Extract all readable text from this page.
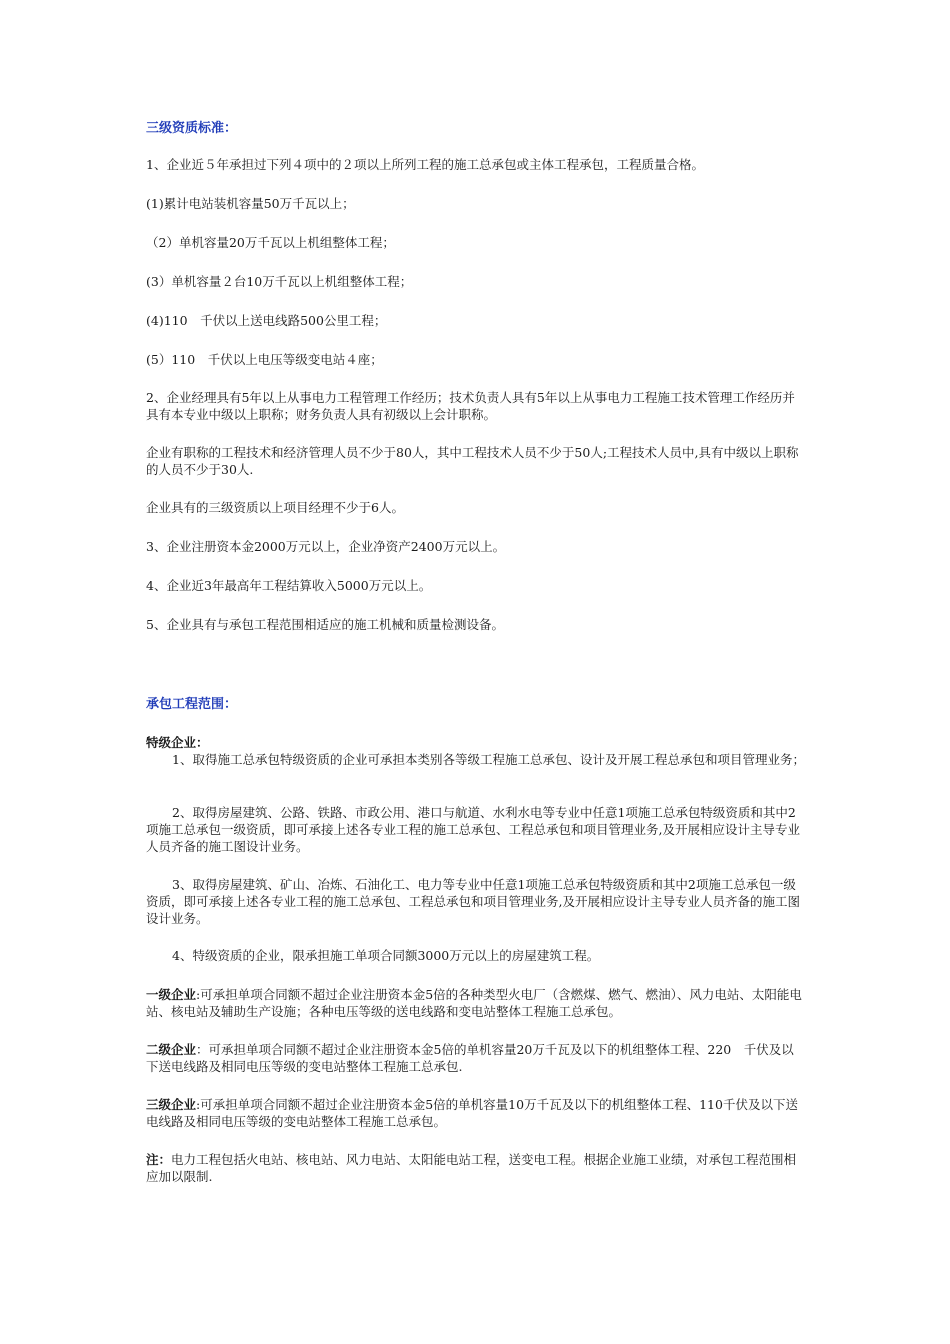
三级资质标准：

1、企业近５年承担过下列４项中的２项以上所列工程的施工总承包或主体工程承包，工程质量合格。

(1)累计电站装机容量50万千瓦以上；

（2）单机容量20万千瓦以上机组整体工程；

(3）单机容量２台10万千瓦以上机组整体工程；

(4)110　千伏以上送电线路500公里工程；

(5）110　千伏以上电压等级变电站４座；

2、企业经理具有5年以上从事电力工程管理工作经历；技术负责人具有5年以上从事电力工程施工技术管理工作经历并具有本专业中级以上职称；财务负责人具有初级以上会计职称。

企业有职称的工程技术和经济管理人员不少于80人，其中工程技术人员不少于50人;工程技术人员中,具有中级以上职称的人员不少于30人.

企业具有的三级资质以上项目经理不少于6人。

3、企业注册资本金2000万元以上，企业净资产2400万元以上。

4、企业近3年最高年工程结算收入5000万元以上。

5、企业具有与承包工程范围相适应的施工机械和质量检测设备。

承包工程范围：

特级企业：

1、取得施工总承包特级资质的企业可承担本类别各等级工程施工总承包、设计及开展工程总承包和项目管理业务；

2、取得房屋建筑、公路、铁路、市政公用、港口与航道、水利水电等专业中任意1项施工总承包特级资质和其中2项施工总承包一级资质，即可承接上述各专业工程的施工总承包、工程总承包和项目管理业务,及开展相应设计主导专业人员齐备的施工图设计业务。

3、取得房屋建筑、矿山、冶炼、石油化工、电力等专业中任意1项施工总承包特级资质和其中2项施工总承包一级资质，即可承接上述各专业工程的施工总承包、工程总承包和项目管理业务,及开展相应设计主导专业人员齐备的施工图设计业务。

4、特级资质的企业，限承担施工单项合同额3000万元以上的房屋建筑工程。

一级企业:可承担单项合同额不超过企业注册资本金5倍的各种类型火电厂（含燃煤、燃气、燃油）、风力电站、太阳能电站、核电站及辅助生产设施；各种电压等级的送电线路和变电站整体工程施工总承包。

二级企业：可承担单项合同额不超过企业注册资本金5倍的单机容量20万千瓦及以下的机组整体工程、220　千伏及以下送电线路及相同电压等级的变电站整体工程施工总承包.

三级企业:可承担单项合同额不超过企业注册资本金5倍的单机容量10万千瓦及以下的机组整体工程、110千伏及以下送电线路及相同电压等级的变电站整体工程施工总承包。

注：电力工程包括火电站、核电站、风力电站、太阳能电站工程，送变电工程。根据企业施工业绩，对承包工程范围相应加以限制.
